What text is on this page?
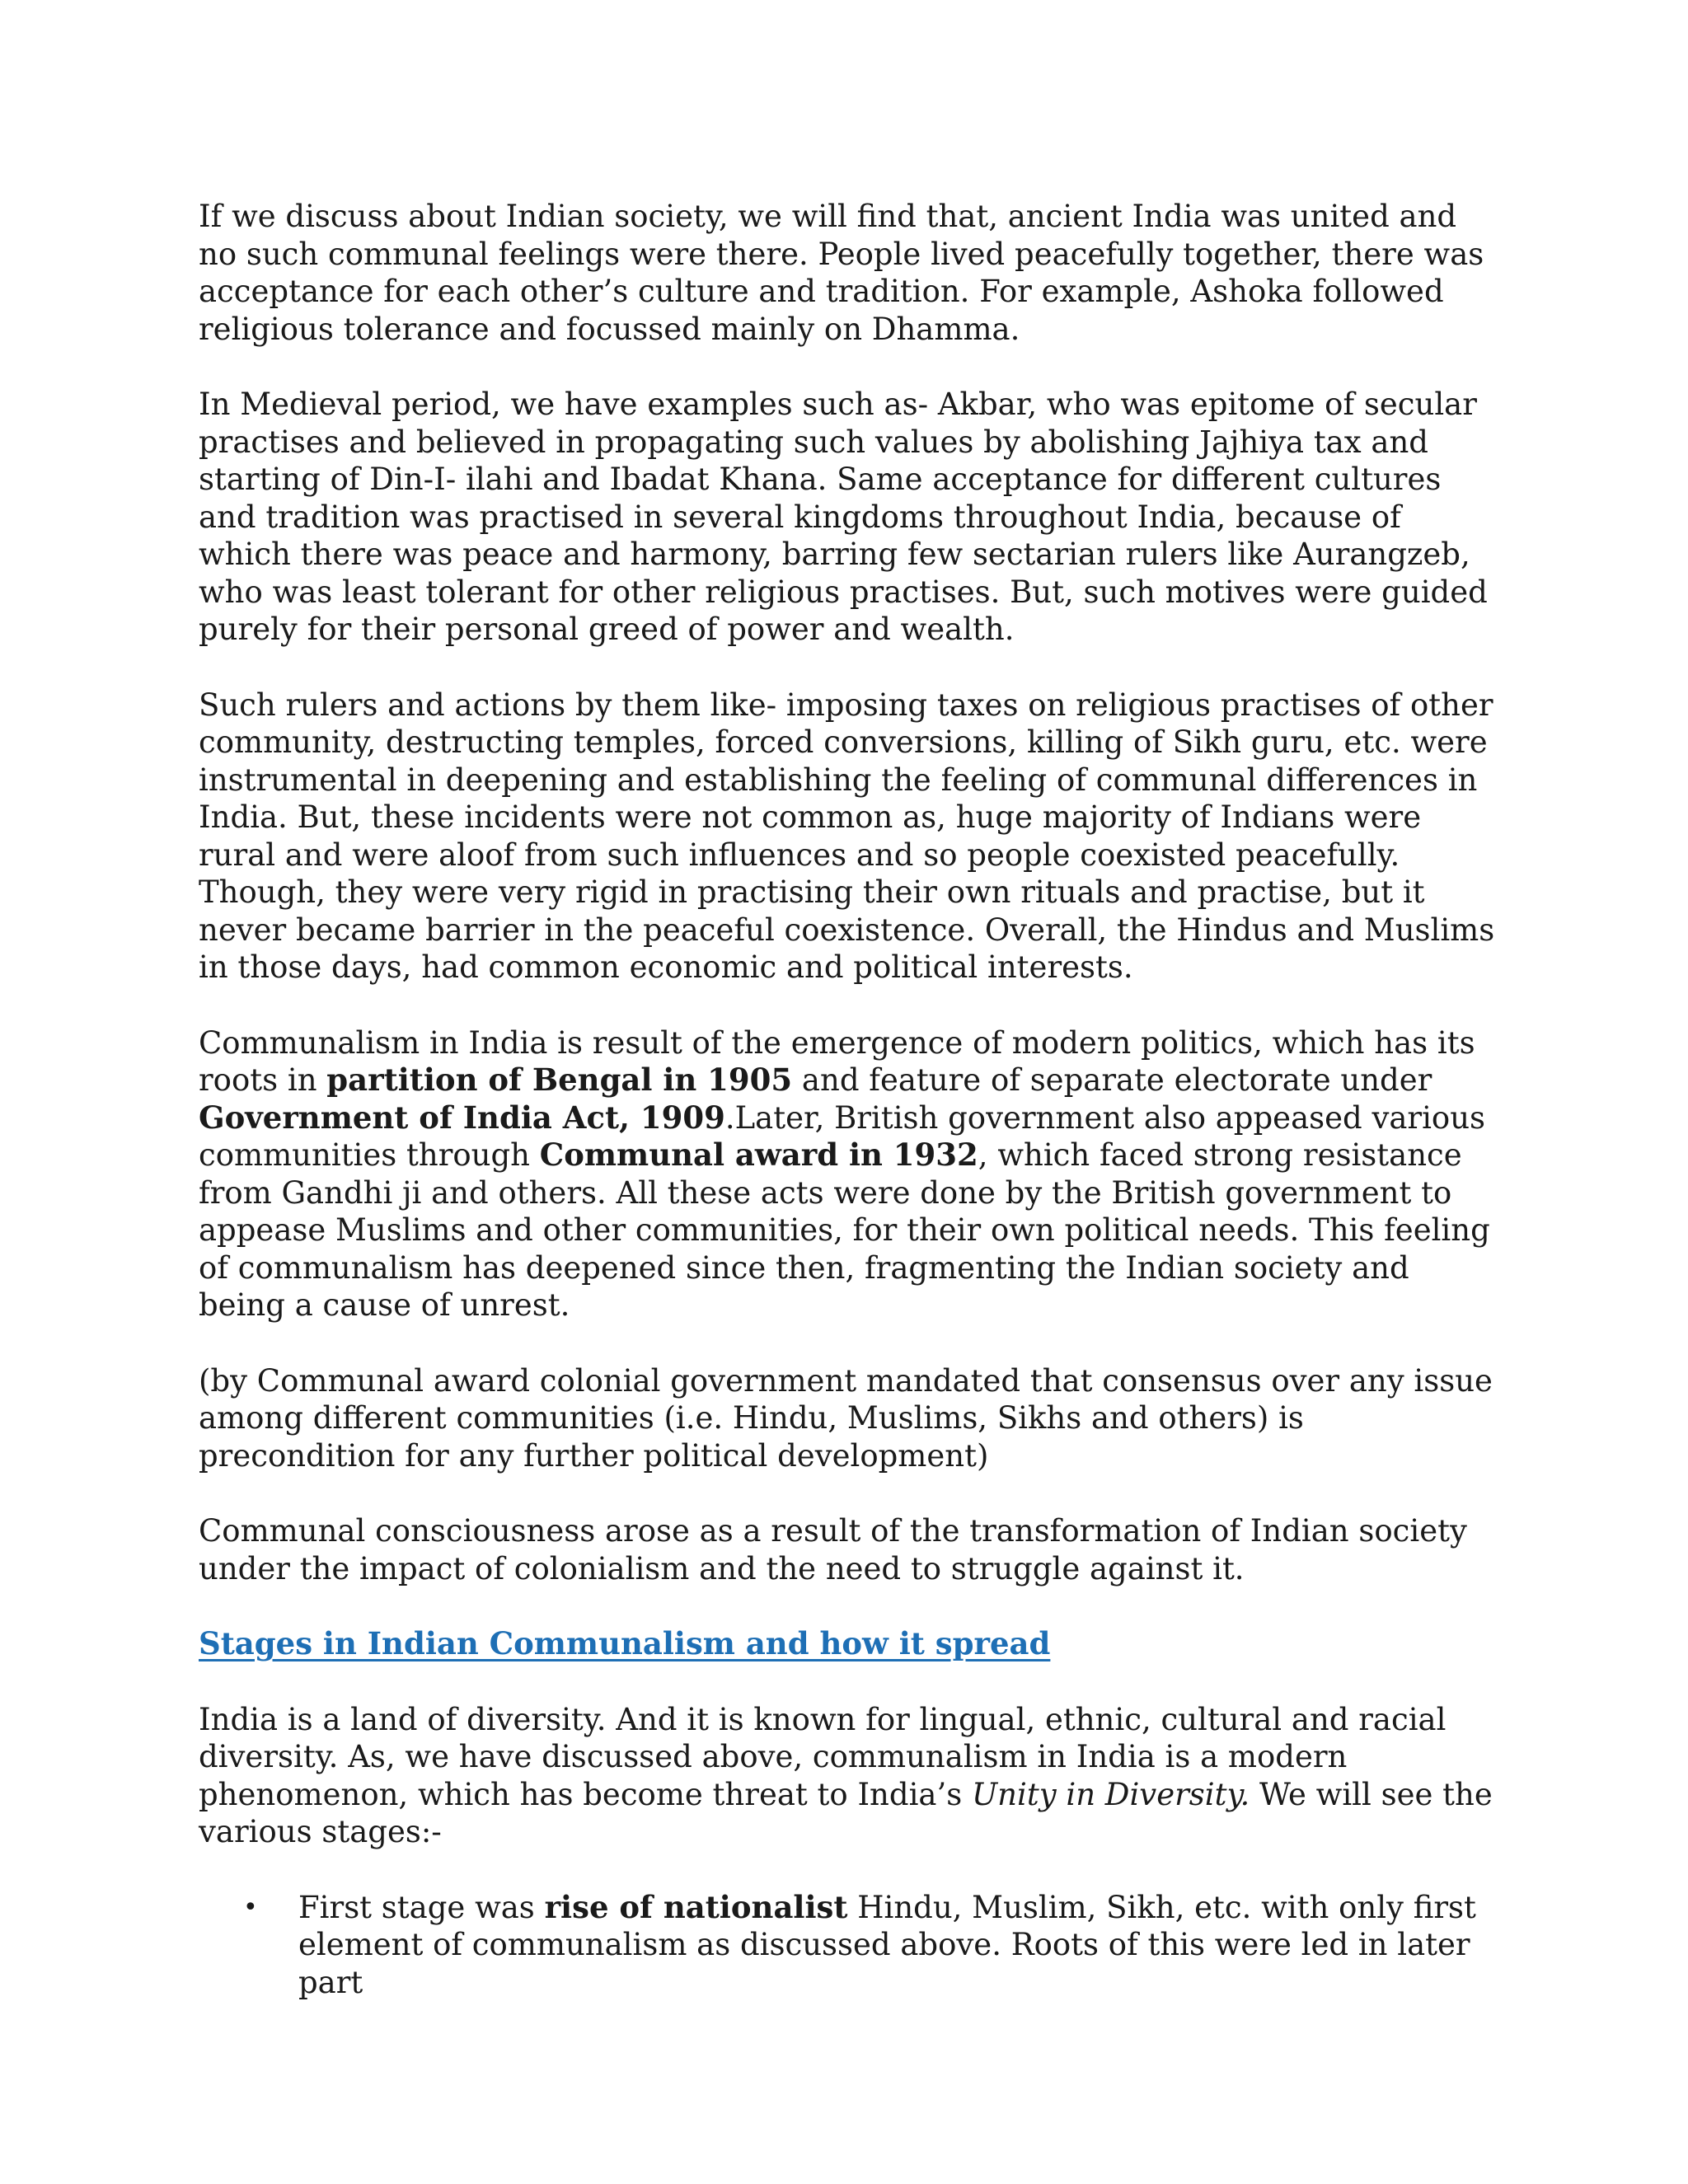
If we discuss about Indian society, we will find that, ancient India was united and no such communal feelings were there. People lived peacefully together, there was acceptance for each other’s culture and tradition. For example, Ashoka followed religious tolerance and focussed mainly on Dhamma.

In Medieval period, we have examples such as- Akbar, who was epitome of secular practises and believed in propagating such values by abolishing Jajhiya tax and starting of Din-I- ilahi and Ibadat Khana. Same acceptance for different cultures and tradition was practised in several kingdoms throughout India, because of which there was peace and harmony, barring few sectarian rulers like Aurangzeb, who was least tolerant for other religious practises. But, such motives were guided purely for their personal greed of power and wealth.

Such rulers and actions by them like- imposing taxes on religious practises of other community, destructing temples, forced conversions, killing of Sikh guru, etc. were instrumental in deepening and establishing the feeling of communal differences in India. But, these incidents were not common as, huge majority of Indians were rural and were aloof from such influences and so people coexisted peacefully. Though, they were very rigid in practising their own rituals and practise, but it never became barrier in the peaceful coexistence. Overall, the Hindus and Muslims in those days, had common economic and political interests.

Communalism in India is result of the emergence of modern politics, which has its roots in partition of Bengal in 1905 and feature of separate electorate under Government of India Act, 1909.Later, British government also appeased various communities through Communal award in 1932, which faced strong resistance from Gandhi ji and others. All these acts were done by the British government to appease Muslims and other communities, for their own political needs. This feeling of communalism has deepened since then, fragmenting the Indian society and being a cause of unrest.

(by Communal award colonial government mandated that consensus over any issue among different communities (i.e. Hindu, Muslims, Sikhs and others) is precondition for any further political development)

Communal consciousness arose as a result of the transformation of Indian society under the impact of colonialism and the need to struggle against it.

Stages in Indian Communalism and how it spread

India is a land of diversity. And it is known for lingual, ethnic, cultural and racial diversity. As, we have discussed above, communalism in India is a modern phenomenon, which has become threat to India’s Unity in Diversity. We will see the various stages:-

• First stage was rise of nationalist Hindu, Muslim, Sikh, etc. with only first element of communalism as discussed above. Roots of this were led in later part
